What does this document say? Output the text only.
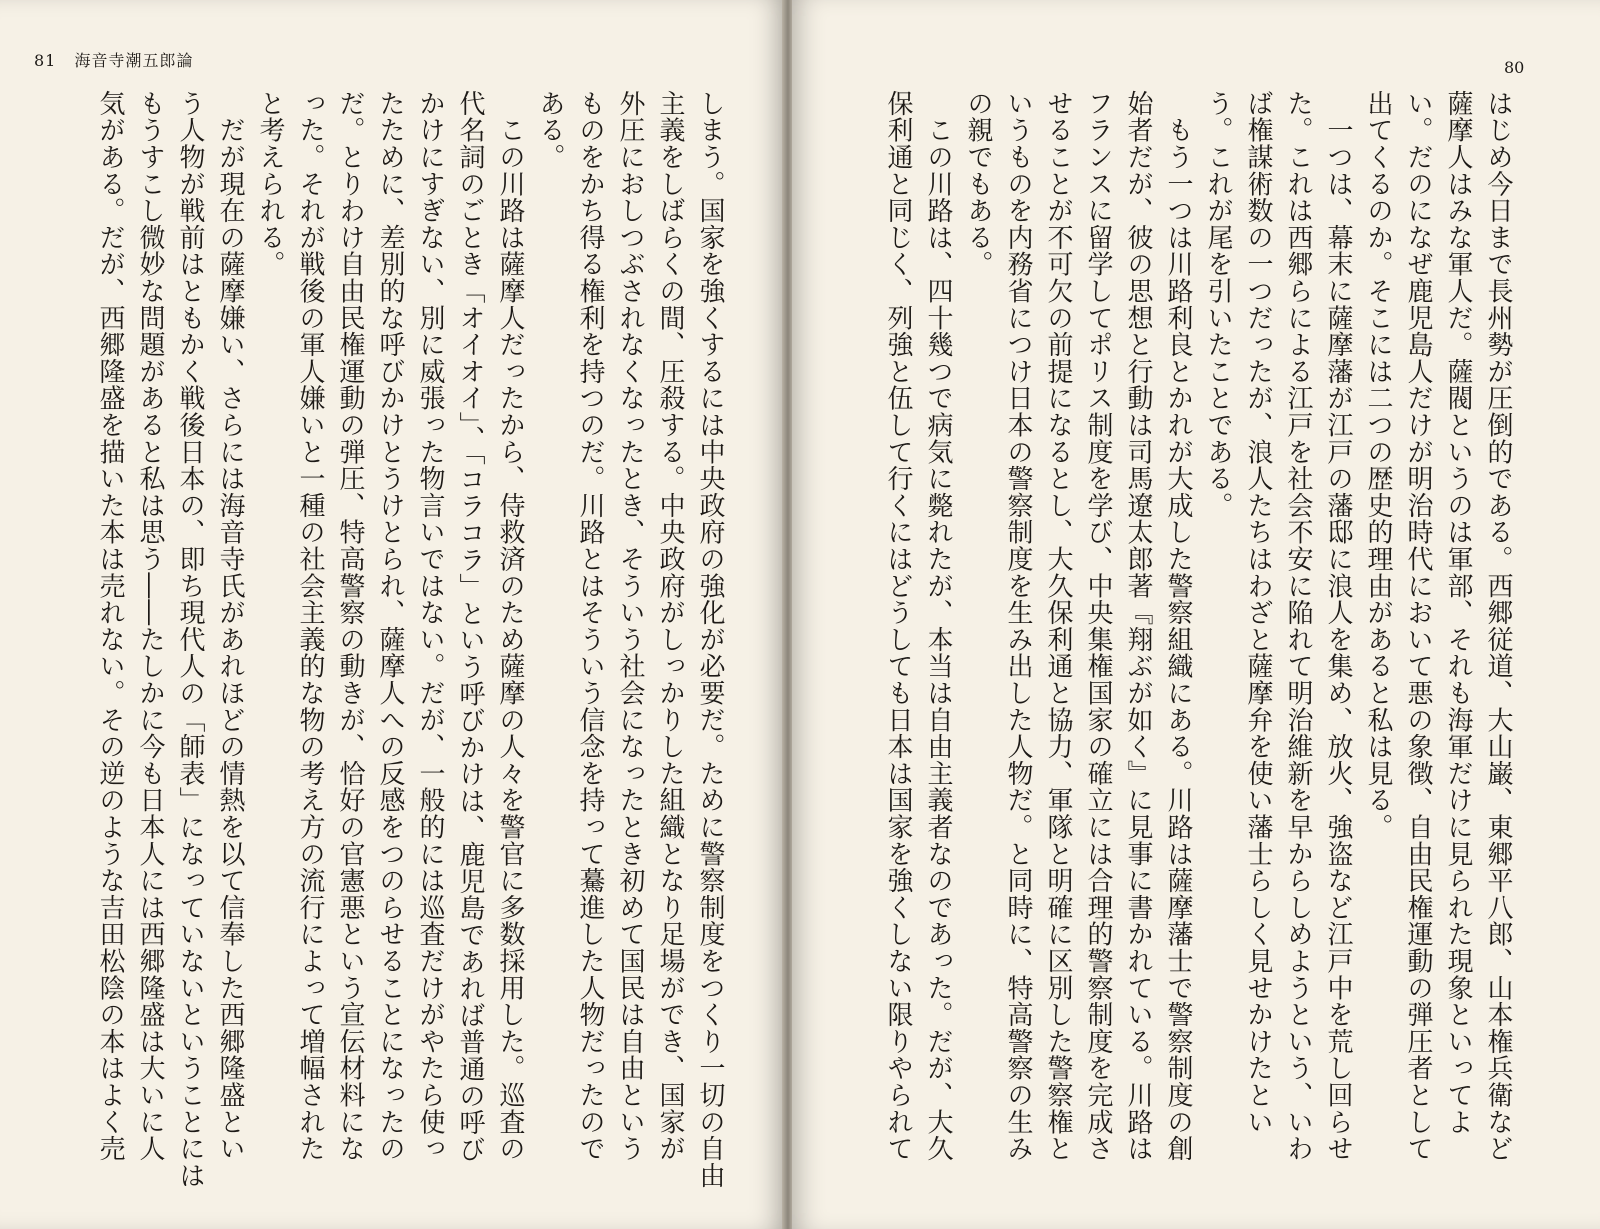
81 海音寺潮五郎論

しまう。国家を強くするには中央政府の強化が必要だ。ために警察制度をつくり一切の自由

主義をしばらくの間、圧殺する。中央政府がしっかりした組織となり足場ができ、国家が

外圧におしつぶされなくなったとき、そういう社会になったとき初めて国民は自由という

ものをかち得る権利を持つのだ。川路とはそういう信念を持って驀進した人物だったので

ある。

　この川路は薩摩人だったから、侍救済のため薩摩の人々を警官に多数採用した。巡査の

代名詞のごとき「オイオイ」、「コラコラ」という呼びかけは、鹿児島であれば普通の呼び

かけにすぎない、別に威張った物言いではない。だが、一般的には巡査だけがやたら使っ

たために、差別的な呼びかけとうけとられ、薩摩人への反感をつのらせることになったの

だ。とりわけ自由民権運動の弾圧、特高警察の動きが、恰好の官憲悪という宣伝材料にな

った。それが戦後の軍人嫌いと一種の社会主義的な物の考え方の流行によって増幅された

と考えられる。

　だが現在の薩摩嫌い、さらには海音寺氏があれほどの情熱を以て信奉した西郷隆盛とい

う人物が戦前はともかく戦後日本の、即ち現代人の「師表」になっていないということには

もうすこし微妙な問題があると私は思う――たしかに今も日本人には西郷隆盛は大いに人

気がある。だが、西郷隆盛を描いた本は売れない。その逆のような吉田松陰の本はよく売

80

はじめ今日まで長州勢が圧倒的である。西郷従道、大山巌、東郷平八郎、山本権兵衛など

薩摩人はみな軍人だ。薩閥というのは軍部、それも海軍だけに見られた現象といってよ

い。だのになぜ鹿児島人だけが明治時代において悪の象徴、自由民権運動の弾圧者として

出てくるのか。そこには二つの歴史的理由があると私は見る。

　一つは、幕末に薩摩藩が江戸の藩邸に浪人を集め、放火、強盗など江戸中を荒し回らせ

た。これは西郷らによる江戸を社会不安に陥れて明治維新を早からしめようという、いわ

ば権謀術数の一つだったが、浪人たちはわざと薩摩弁を使い藩士らしく見せかけたとい

う。これが尾を引いたことである。

　もう一つは川路利良とかれが大成した警察組織にある。川路は薩摩藩士で警察制度の創

始者だが、彼の思想と行動は司馬遼太郎著『翔ぶが如く』に見事に書かれている。川路は

フランスに留学してポリス制度を学び、中央集権国家の確立には合理的警察制度を完成さ

せることが不可欠の前提になるとし、大久保利通と協力、軍隊と明確に区別した警察権と

いうものを内務省につけ日本の警察制度を生み出した人物だ。と同時に、特高警察の生み

の親でもある。

　この川路は、四十幾つで病気に斃れたが、本当は自由主義者なのであった。だが、大久

保利通と同じく、列強と伍して行くにはどうしても日本は国家を強くしない限りやられて
